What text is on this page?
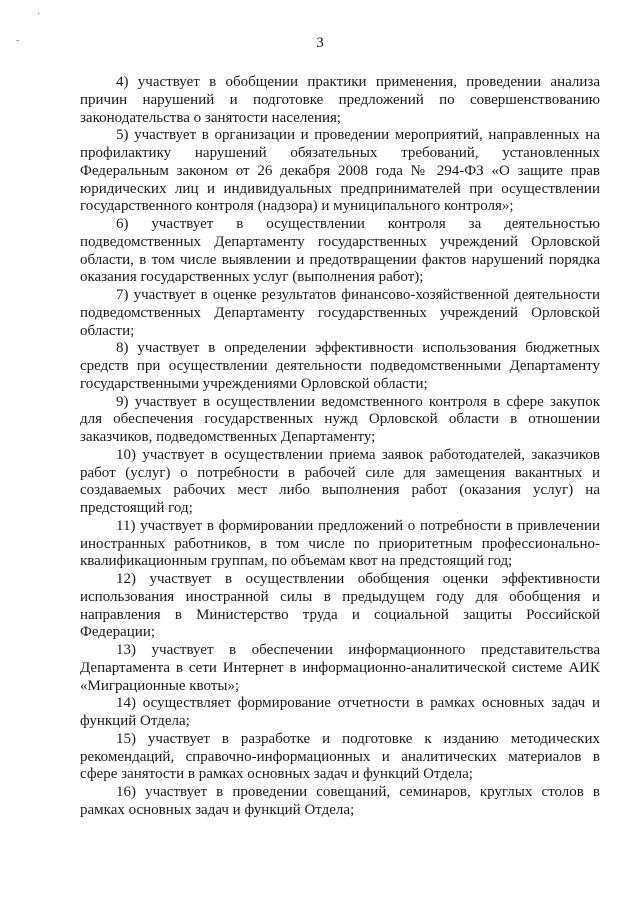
·
-	3

4) участвует в обобщении практики применения, проведении анализа причин нарушений и подготовке предложений по совершенствованию законодательства о занятости населения;

5) участвует в организации и проведении мероприятий, направленных на профилактику нарушений обязательных требований, установленных Федеральным законом от 26 декабря 2008 года № 294-ФЗ «О защите прав юридических лиц и индивидуальных предпринимателей при осуществлении государственного контроля (надзора) и муниципального контроля»;

6) участвует в осуществлении контроля за деятельностью подведомственных Департаменту государственных учреждений Орловской области, в том числе выявлении и предотвращении фактов нарушений порядка оказания государственных услуг (выполнения работ);

7) участвует в оценке результатов финансово-хозяйственной деятельности подведомственных Департаменту государственных учреждений Орловской области;

8) участвует в определении эффективности использования бюджетных средств при осуществлении деятельности подведомственными Департаменту государственными учреждениями Орловской области;

9) участвует в осуществлении ведомственного контроля в сфере закупок для обеспечения государственных нужд Орловской области в отношении заказчиков, подведомственных Департаменту;

10) участвует в осуществлении приема заявок работодателей, заказчиков работ (услуг) о потребности в рабочей силе для замещения вакантных и создаваемых рабочих мест либо выполнения работ (оказания услуг) на предстоящий год;

11) участвует в формировании предложений о потребности в привлечении иностранных работников, в том числе по приоритетным профессионально-квалификационным группам, по объемам квот на предстоящий год;

12) участвует в осуществлении обобщения оценки эффективности использования иностранной силы в предыдущем году для обобщения и направления в Министерство труда и социальной защиты Российской Федерации;

13) участвует в обеспечении информационного представительства Департамента в сети Интернет в информационно-аналитической системе АИК «Миграционные квоты»;

14) осуществляет формирование отчетности в рамках основных задач и функций Отдела;

15) участвует в разработке и подготовке к изданию методических рекомендаций, справочно-информационных и аналитических материалов в сфере занятости в рамках основных задач и функций Отдела;

16) участвует в проведении совещаний, семинаров, круглых столов в рамках основных задач и функций Отдела;
